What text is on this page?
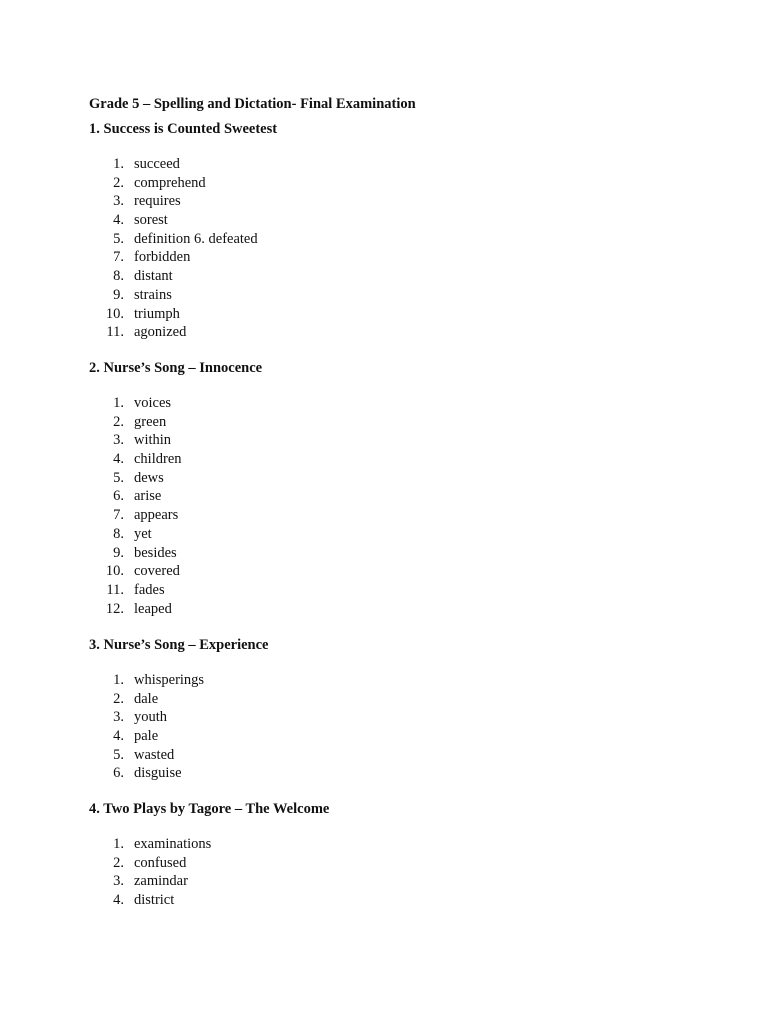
Grade 5 – Spelling and Dictation- Final Examination
1. Success is Counted Sweetest
1. succeed
2. comprehend
3. requires
4. sorest
5. definition 6. defeated
7. forbidden
8. distant
9. strains
10. triumph
11. agonized
2. Nurse’s Song – Innocence
1. voices
2. green
3. within
4. children
5. dews
6. arise
7. appears
8. yet
9. besides
10. covered
11. fades
12. leaped
3. Nurse’s Song – Experience
1. whisperings
2. dale
3. youth
4. pale
5. wasted
6. disguise
4. Two Plays by Tagore – The Welcome
1. examinations
2. confused
3. zamindar
4. district
